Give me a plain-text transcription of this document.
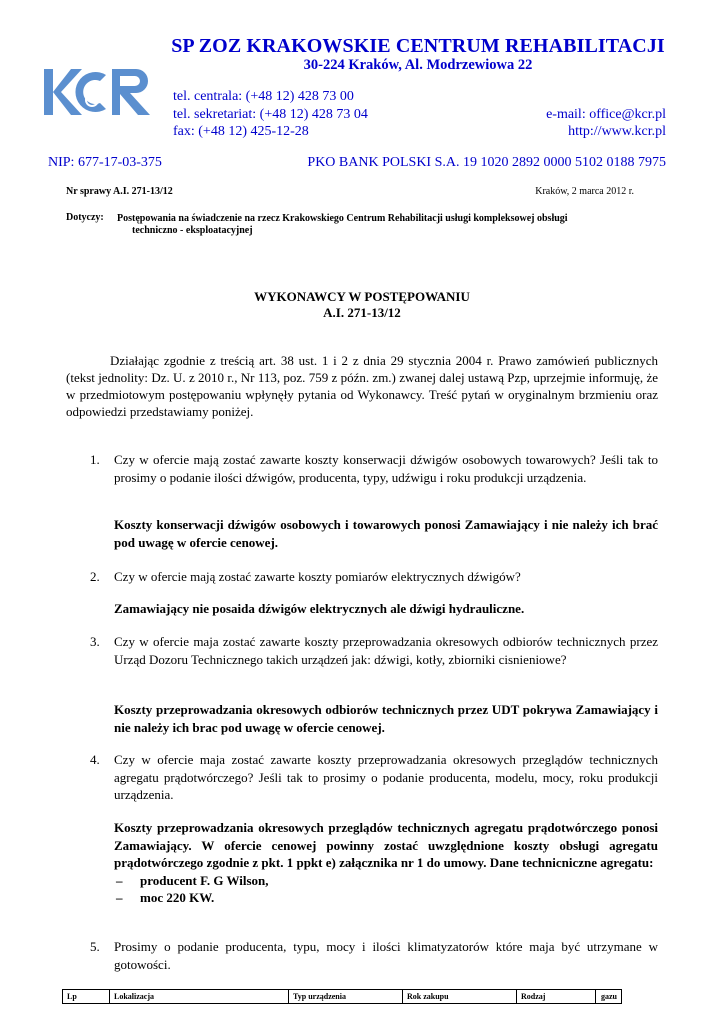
SP ZOZ KRAKOWSKIE CENTRUM REHABILITACJI
30-224 Kraków, Al. Modrzewiowa 22
tel. centrala: (+48 12) 428 73 00
tel. sekretariat: (+48 12) 428 73 04
fax: (+48 12) 425-12-28
e-mail: office@kcr.pl
http://www.kcr.pl
NIP: 677-17-03-375	PKO BANK POLSKI S.A. 19 1020 2892 0000 5102 0188 7975
Nr sprawy A.I. 271-13/12	Kraków, 2 marca 2012 r.
Dotyczy: Postępowania na świadczenie na rzecz Krakowskiego Centrum Rehabilitacji usługi kompleksowej obsługi
techniczno - eksploatacyjnej
WYKONAWCY W POSTĘPOWANIU
A.I. 271-13/12
Działając zgodnie z treścią art. 38 ust. 1 i 2 z dnia 29 stycznia 2004 r. Prawo zamówień publicznych (tekst jednolity: Dz. U. z 2010 r., Nr 113, poz. 759 z późn. zm.) zwanej dalej ustawą Pzp, uprzejmie informuję, że w przedmiotowym postępowaniu wpłynęły pytania od Wykonawcy. Treść pytań w oryginalnym brzmieniu oraz odpowiedzi przedstawiamy poniżej.
1. Czy w ofercie mają zostać zawarte koszty konserwacji dźwigów osobowych towarowych? Jeśli tak to prosimy o podanie ilości dźwigów, producenta, typy, udźwigu i roku produkcji urządzenia.
Koszty konserwacji dźwigów osobowych i towarowych ponosi Zamawiający i nie należy ich brać pod uwagę w ofercie cenowej.
2. Czy w ofercie mają zostać zawarte koszty pomiarów elektrycznych dźwigów?
Zamawiający nie posaida dźwigów elektrycznych ale dźwigi hydrauliczne.
3. Czy w ofercie maja zostać zawarte koszty przeprowadzania okresowych odbiorów technicznych przez Urząd Dozoru Technicznego takich urządzeń jak: dźwigi, kotły, zbiorniki cisnieniowe?
Koszty przeprowadzania okresowych odbiorów technicznych przez UDT pokrywa Zamawiający i nie należy ich brac pod uwagę w ofercie cenowej.
4. Czy w ofercie maja zostać zawarte koszty przeprowadzania okresowych przeglądów technicznych agregatu prądotwórczego? Jeśli tak to prosimy o podanie producenta, modelu, mocy, roku produkcji urządzenia.
Koszty przeprowadzania okresowych przeglądów technicznych agregatu prądotwórczego ponosi Zamawiający. W ofercie cenowej powinny zostać uwzględnione koszty obsługi agregatu prądotwórczego zgodnie z pkt. 1 ppkt e) załącznika nr 1 do umowy. Dane technicniczne agregatu:
– producent F. G Wilson,
– moc 220 KW.
5. Prosimy o podanie producenta, typu, mocy i ilości klimatyzatorów które maja być utrzymane w gotowości.
Lp	Lokalizacja	Typ urządzenia	Rok zakupu	Rodzaj	gazu
